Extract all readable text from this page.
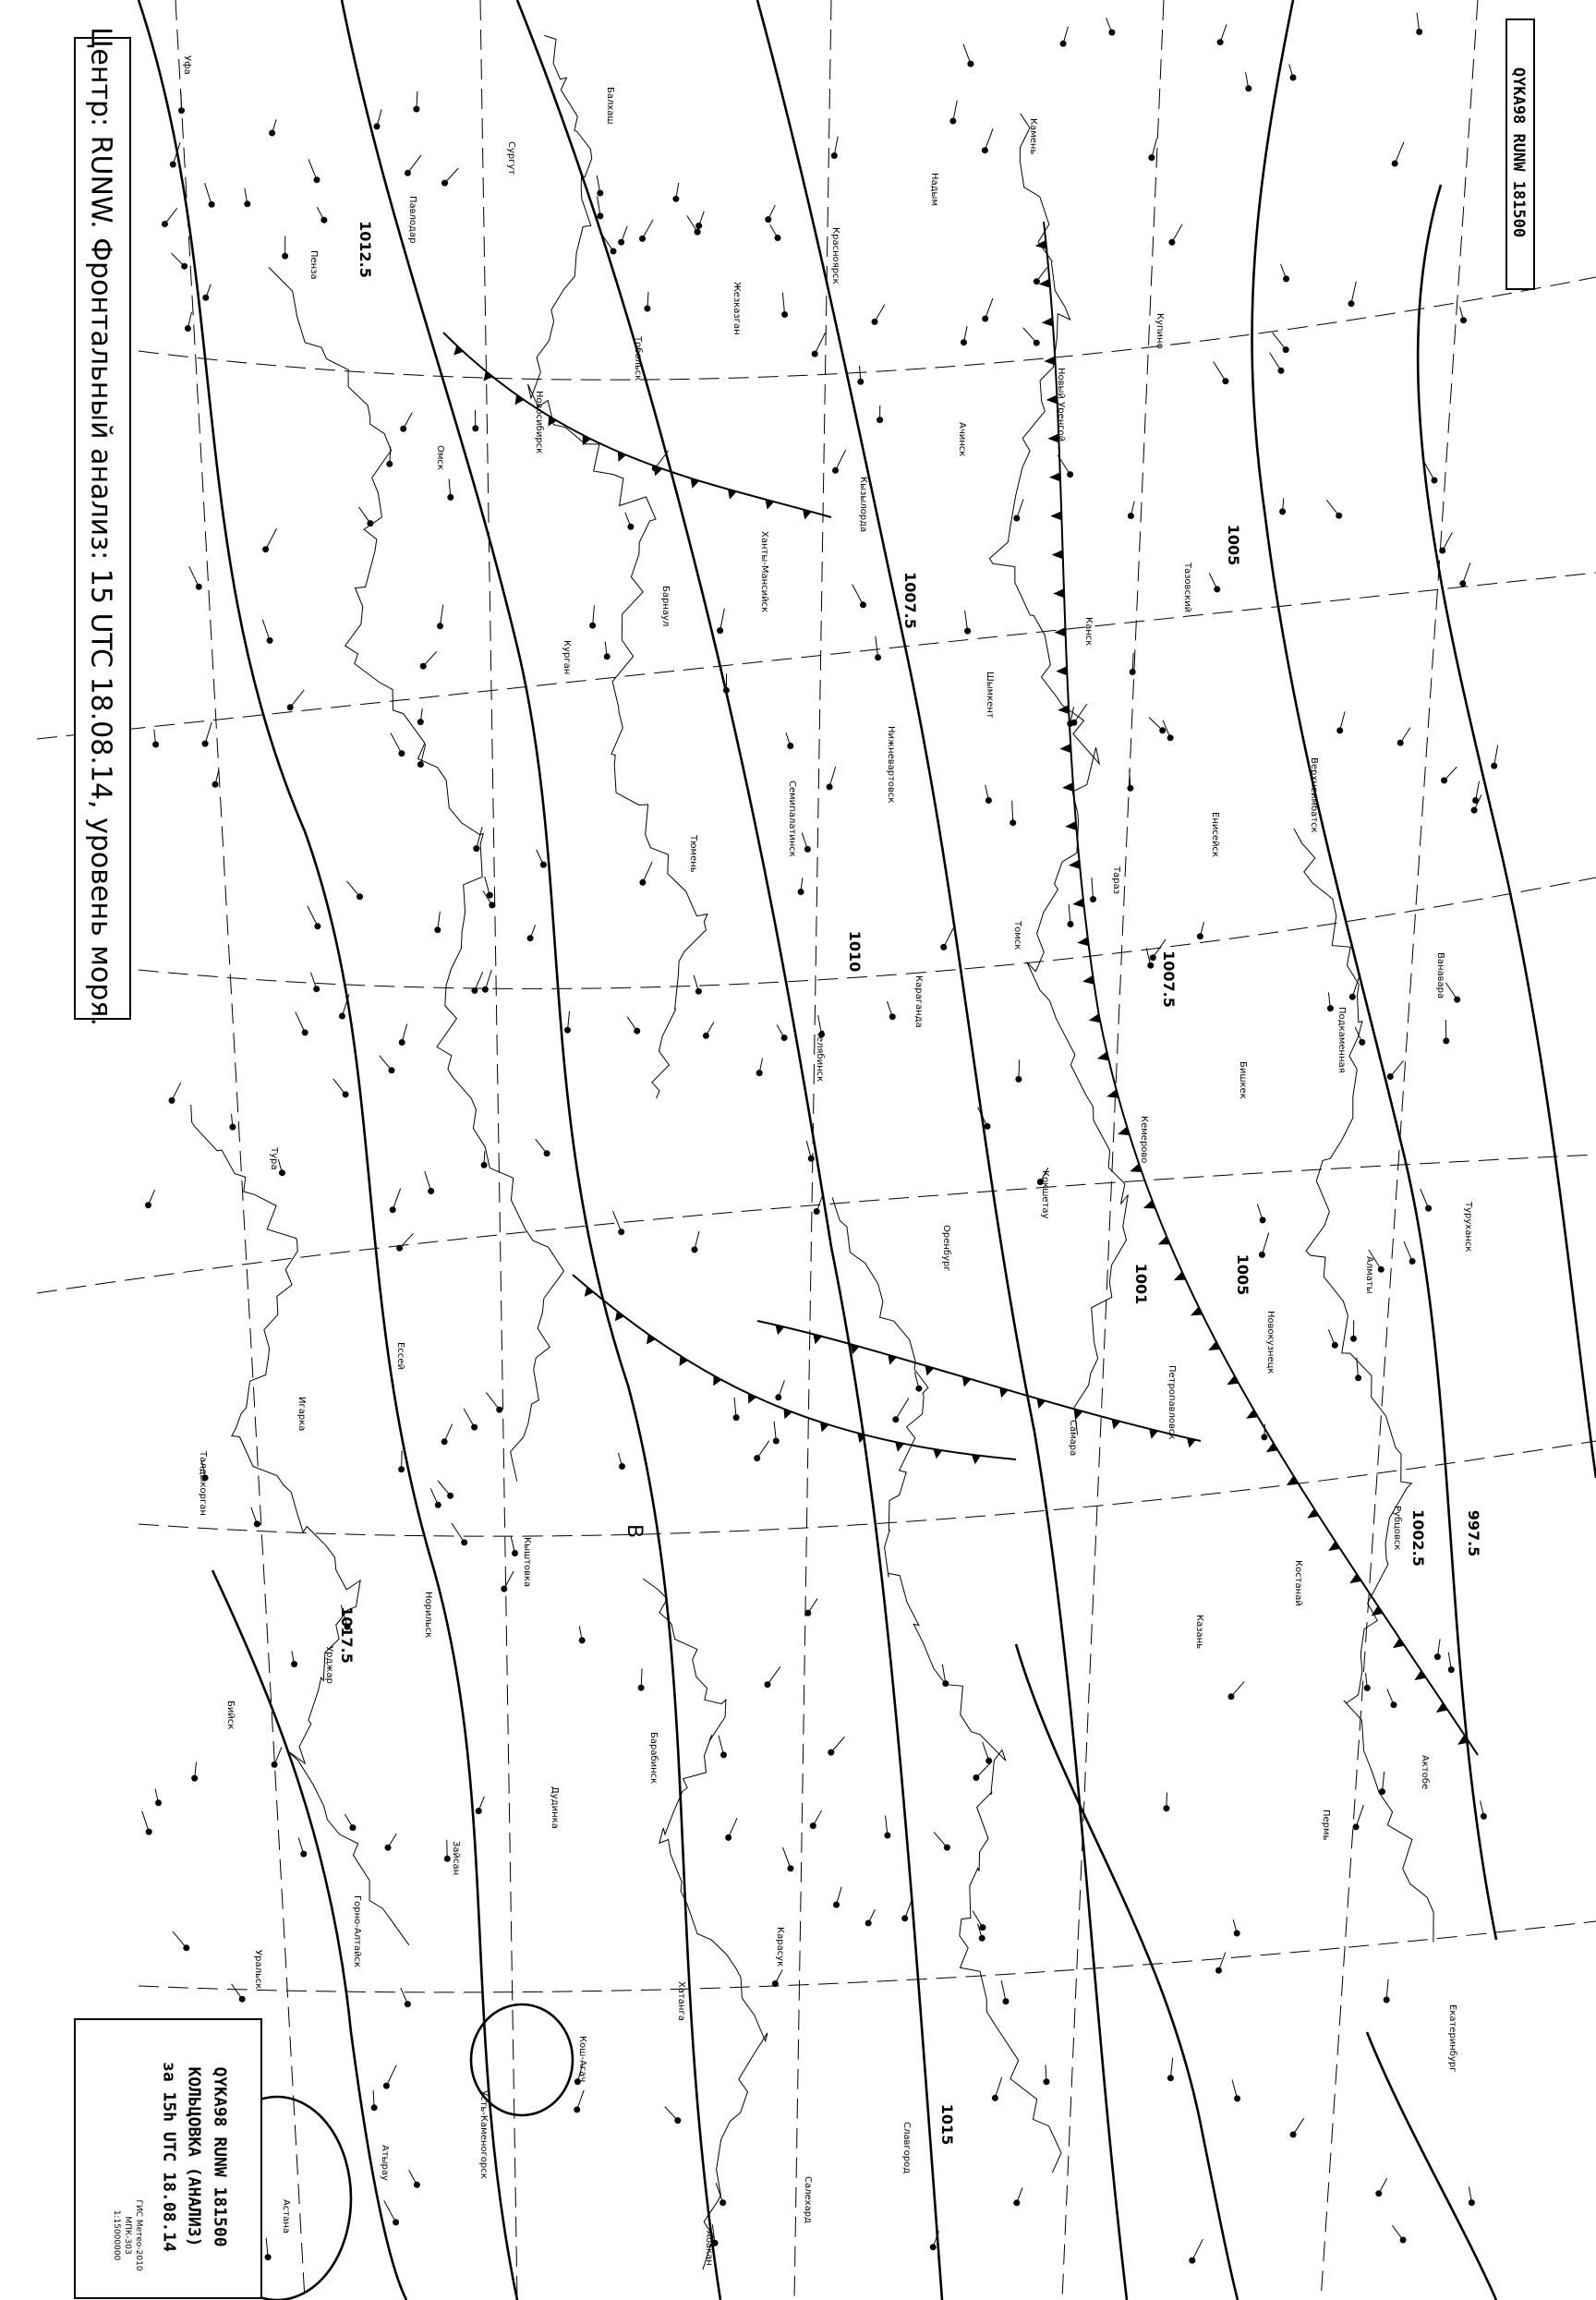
Уфа
Пенза
Омск
Курган
Тюмень
Челябинск
Оренбург
Самара
Казань
Пермь
Екатеринбург
Астана
Павлодар
Новосибирск
Барнаул
Семипалатинск
Караганда
Кокшетау
Петропавловск
Костанай
Актобе
Уральск
Атырау
Сургут
Тобольск
Ханты-Мансийск
Нижневартовск
Томск
Кемерово
Новокузнецк
Рубцовск
Бийск
Горно-Алтайск
Усть-Каменогорск
Балхаш
Жезказган
Кызылорда
Шымкент
Тараз
Бишкек
Алматы
Талдыкорган
Урджар
Зайсан
Кош-Агач
Абакан
Красноярск
Ачинск
Канск
Енисейск
Подкаменная
Туруханск
Игарка
Норильск
Дудинка
Хатанга
Салехард
Надым
Новый Уренгой
Тазовский
Верхнеимбатск
Ванавара
Тура
Ессей
Кыштовка
Барабинск
Карасук
Славгород
Камень
Купино
1012.5
1007.5
1005
1010	1007.5
1017.5
1015
1002.5	997.5
1005
1001
В
QYKA98 RUNW 181500
Центр: RUNW. Фронтальный анализ: 15 UTC 18.08.14, уровень моря.
QYKA98 RUNW 181500
КОЛЬЦОВКА (АНАЛИЗ)
за 15h UTC 18.08.14
ГИС Метео-2010
МПК-303
1:15000000
